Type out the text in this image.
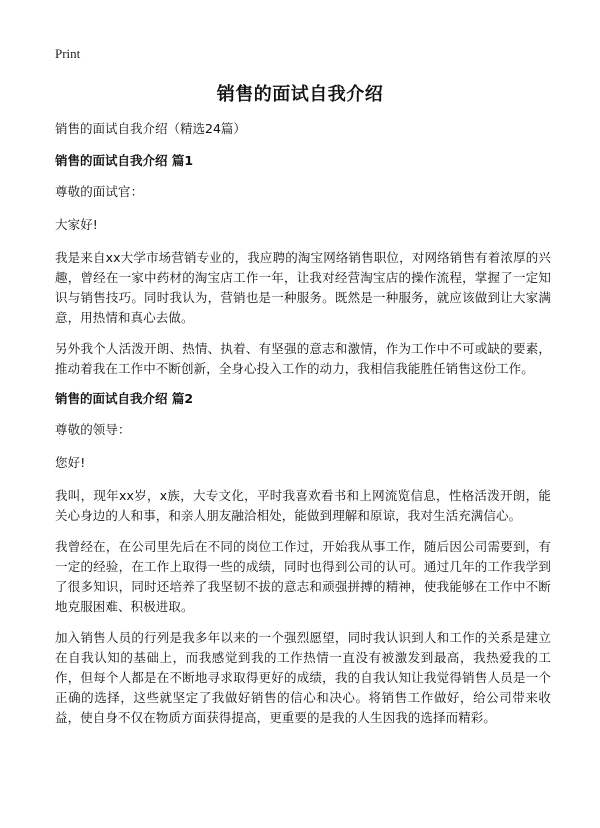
Print
销售的面试自我介绍

销售的面试自我介绍（精选24篇）

销售的面试自我介绍 篇1

尊敬的面试官：

大家好!

我是来自xx大学市场营销专业的，我应聘的淘宝网络销售职位，对网络销售有着浓厚的兴趣，曾经在一家中药材的淘宝店工作一年，让我对经营淘宝店的操作流程，掌握了一定知识与销售技巧。同时我认为，营销也是一种服务。既然是一种服务，就应该做到让大家满意，用热情和真心去做。

另外我个人活泼开朗、热情、执着、有坚强的意志和激情，作为工作中不可或缺的要素，推动着我在工作中不断创新，全身心投入工作的动力，我相信我能胜任销售这份工作。

销售的面试自我介绍 篇2

尊敬的领导：

您好!

我叫，现年xx岁，x族，大专文化，平时我喜欢看书和上网流览信息，性格活泼开朗，能关心身边的人和事，和亲人朋友融洽相处，能做到理解和原谅，我对生活充满信心。

我曾经在，在公司里先后在不同的岗位工作过，开始我从事工作，随后因公司需要到，有一定的经验，在工作上取得一些的成绩，同时也得到公司的认可。通过几年的工作我学到了很多知识，同时还培养了我坚韧不拔的意志和顽强拼搏的精神，使我能够在工作中不断地克服困难、积极进取。

加入销售人员的行列是我多年以来的一个强烈愿望，同时我认识到人和工作的关系是建立在自我认知的基础上，而我感觉到我的工作热情一直没有被激发到最高，我热爱我的工作，但每个人都是在不断地寻求取得更好的成绩，我的自我认知让我觉得销售人员是一个正确的选择，这些就坚定了我做好销售的信心和决心。将销售工作做好，给公司带来收益，使自身不仅在物质方面获得提高，更重要的是我的人生因我的选择而精彩。
